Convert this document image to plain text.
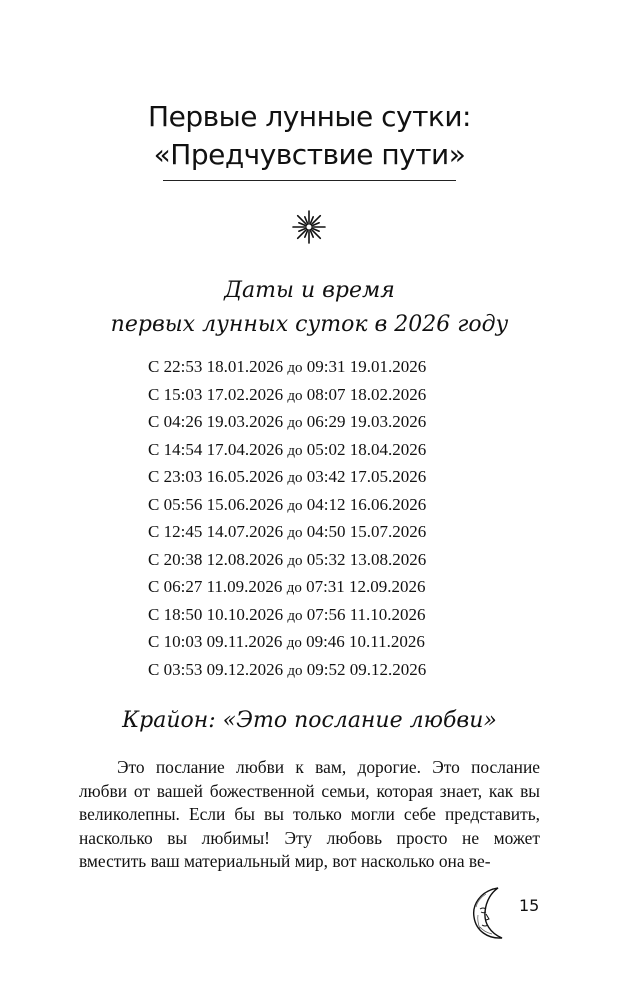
Первые лунные сутки:
«Предчувствие пути»
Даты и время
первых лунных суток в 2026 году
С 22:53 18.01.2026 до 09:31 19.01.2026
С 15:03 17.02.2026 до 08:07 18.02.2026
С 04:26 19.03.2026 до 06:29 19.03.2026
С 14:54 17.04.2026 до 05:02 18.04.2026
С 23:03 16.05.2026 до 03:42 17.05.2026
С 05:56 15.06.2026 до 04:12 16.06.2026
С 12:45 14.07.2026 до 04:50 15.07.2026
С 20:38 12.08.2026 до 05:32 13.08.2026
С 06:27 11.09.2026 до 07:31 12.09.2026
С 18:50 10.10.2026 до 07:56 11.10.2026
С 10:03 09.11.2026 до 09:46 10.11.2026
С 03:53 09.12.2026 до 09:52 09.12.2026
Крайон: «Это послание любви»

Это послание любви к вам, дорогие. Это послание любви от вашей божественной семьи, которая знает, как вы великолепны. Если бы вы только могли себе представить, насколько вы любимы! Эту любовь просто не может вместить ваш материальный мир, вот насколько она ве-

15
